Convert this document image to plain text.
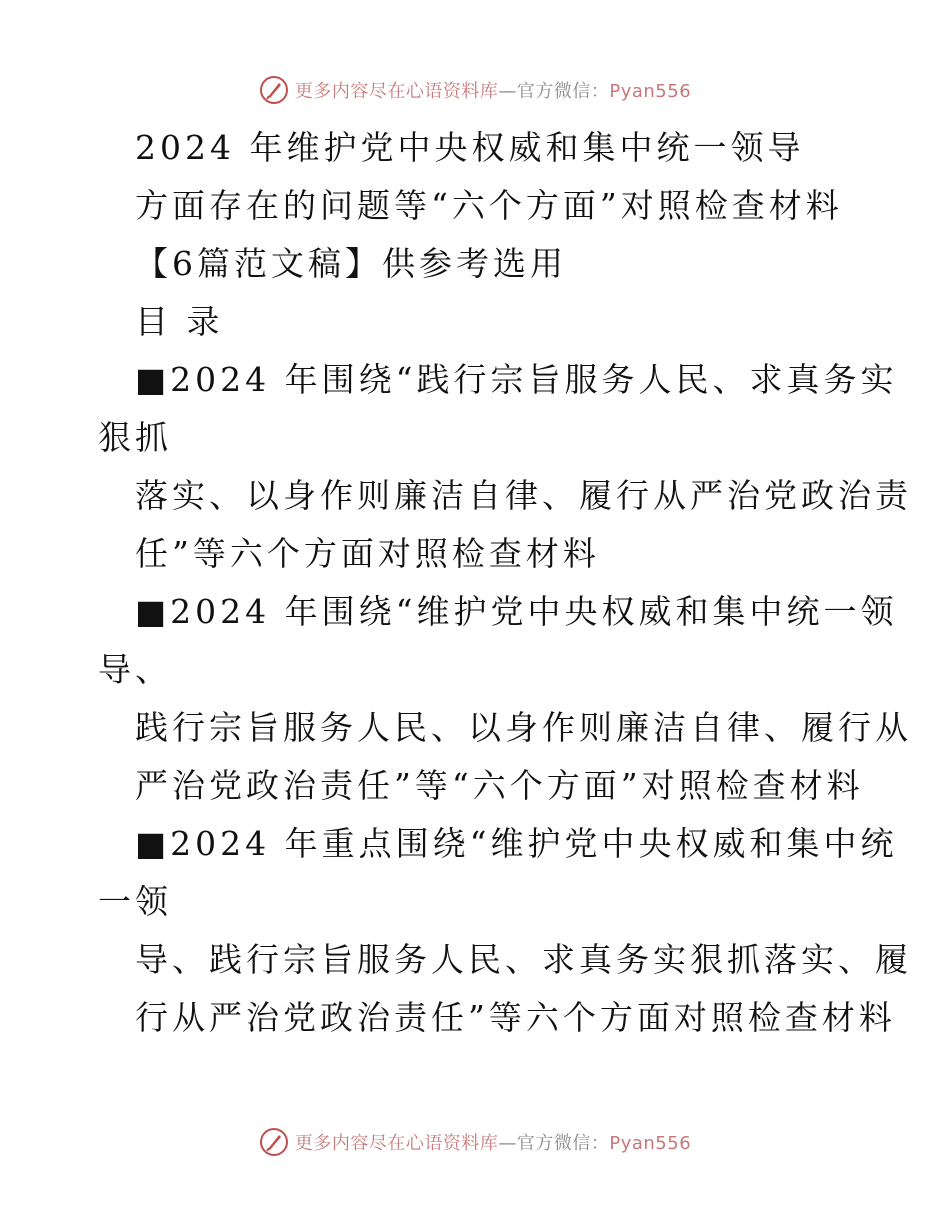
更多内容尽在心语资料库—官方微信：Pyan556
2024 年维护党中央权威和集中统一领导
方面存在的问题等“六个方面”对照检查材料
【6篇范文稿】供参考选用
目 录
■2024 年围绕“践行宗旨服务人民、求真务实
狠抓
落实、以身作则廉洁自律、履行从严治党政治责
任”等六个方面对照检查材料
■2024 年围绕“维护党中央权威和集中统一领
导、
践行宗旨服务人民、以身作则廉洁自律、履行从
严治党政治责任”等“六个方面”对照检查材料
■2024 年重点围绕“维护党中央权威和集中统
一领
导、践行宗旨服务人民、求真务实狠抓落实、履
行从严治党政治责任”等六个方面对照检查材料
更多内容尽在心语资料库—官方微信：Pyan556
